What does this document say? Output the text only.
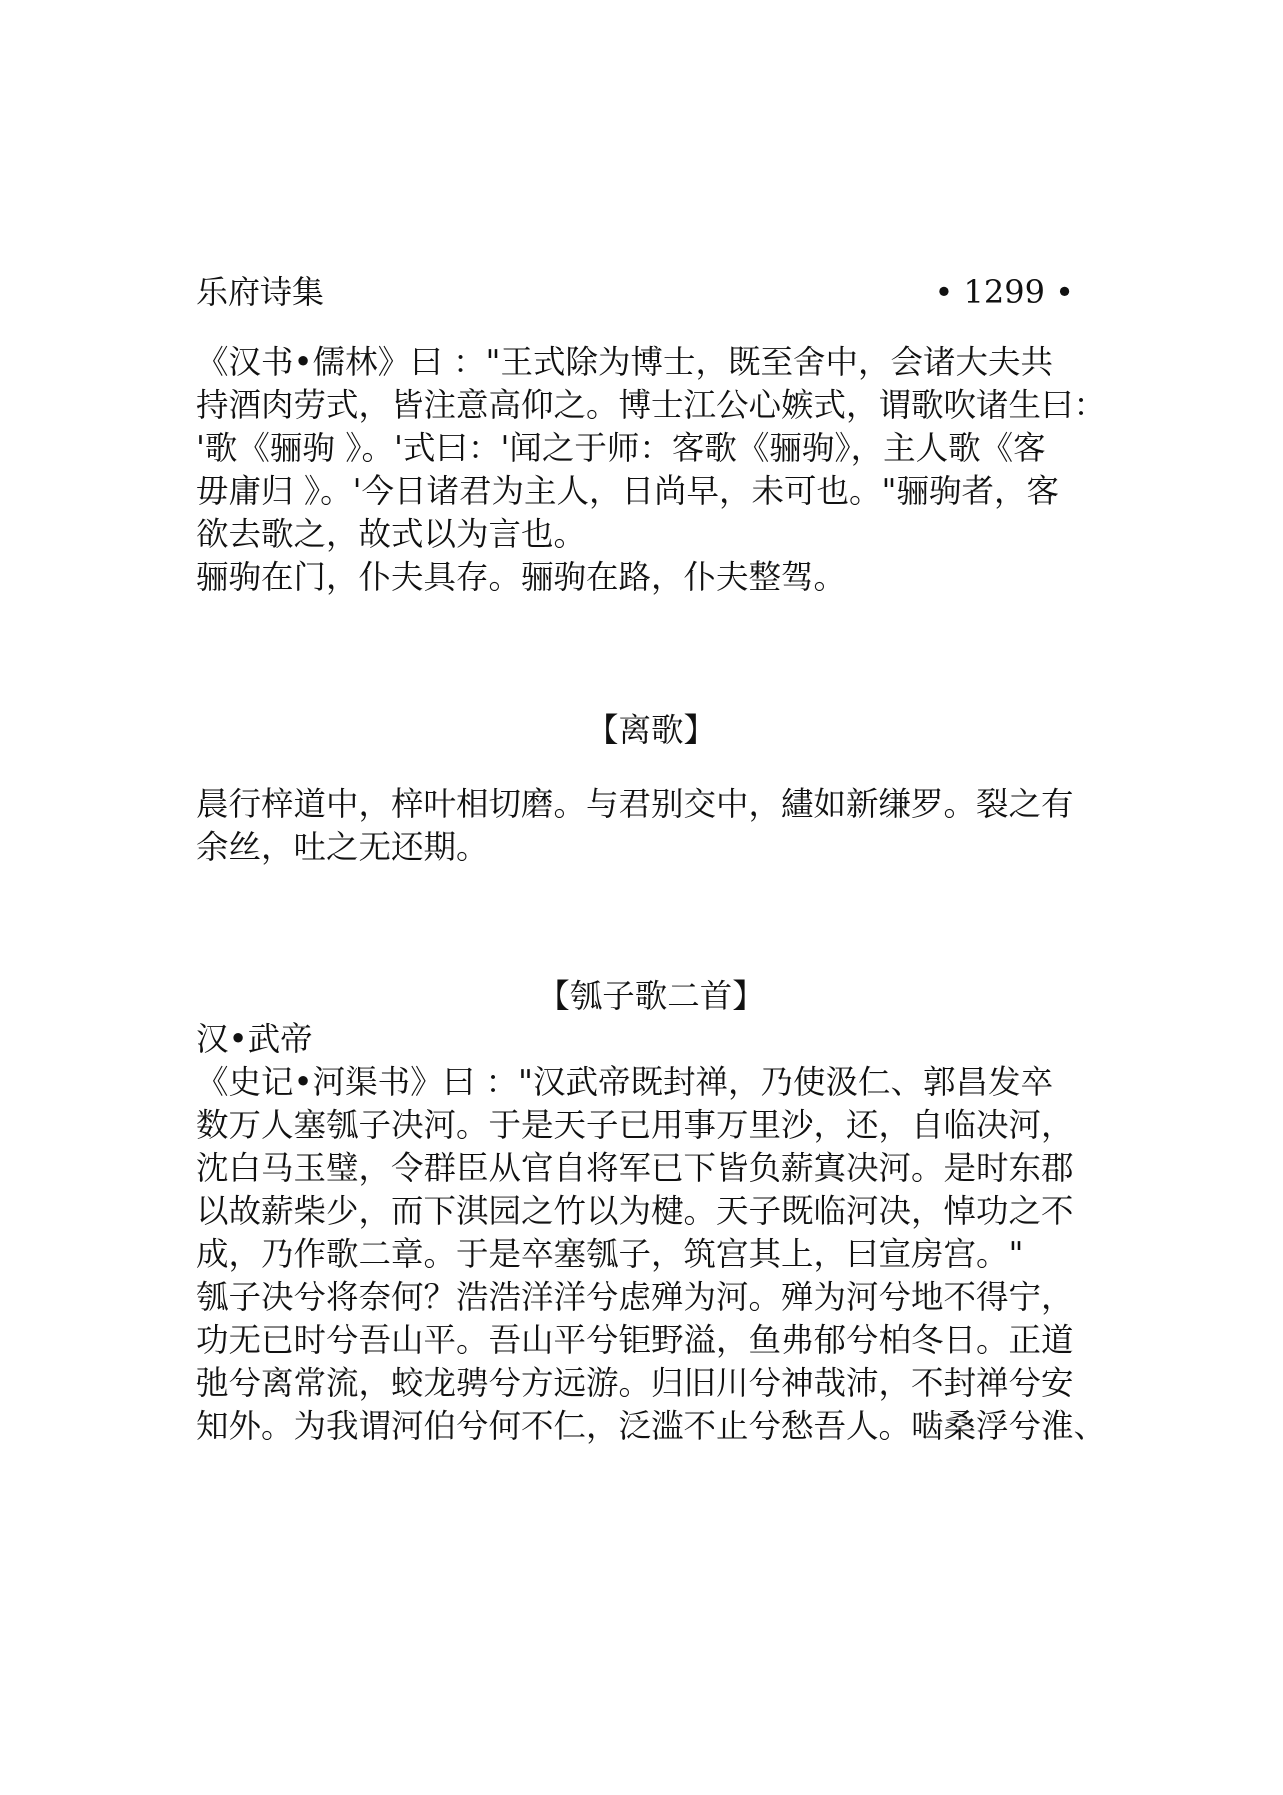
乐府诗集	• 1299 •
《汉书•儒林》曰 ："王式除为博士，既至舍中，会诸大夫共
持酒肉劳式，皆注意高仰之。博士江公心嫉式，谓歌吹诸生曰：
'歌《骊驹 》。'式曰：'闻之于师：客歌《骊驹》，主人歌《客
毋庸归 》。'今日诸君为主人，日尚早，未可也。"骊驹者，客
欲去歌之，故式以为言也。
骊驹在门，仆夫具存。骊驹在路，仆夫整驾。
【离歌】
晨行梓道中，梓叶相切磨。与君别交中，繣如新缣罗。裂之有
余丝，吐之无还期。
【瓠子歌二首】
汉•武帝
《史记•河渠书》曰 ："汉武帝既封禅，乃使汲仁、郭昌发卒
数万人塞瓠子决河。于是天子已用事万里沙，还，自临决河，
沈白马玉璧，令群臣从官自将军已下皆负薪寘决河。是时东郡
以故薪柴少，而下淇园之竹以为楗。天子既临河决，悼功之不
成，乃作歌二章。于是卒塞瓠子，筑宫其上，曰宣房宫。"
瓠子决兮将奈何？浩浩洋洋兮虑殚为河。殚为河兮地不得宁，
功无已时兮吾山平。吾山平兮钜野溢，鱼弗郁兮柏冬日。正道
弛兮离常流，蛟龙骋兮方远游。归旧川兮神哉沛，不封禅兮安
知外。为我谓河伯兮何不仁，泛滥不止兮愁吾人。啮桑浮兮淮、
